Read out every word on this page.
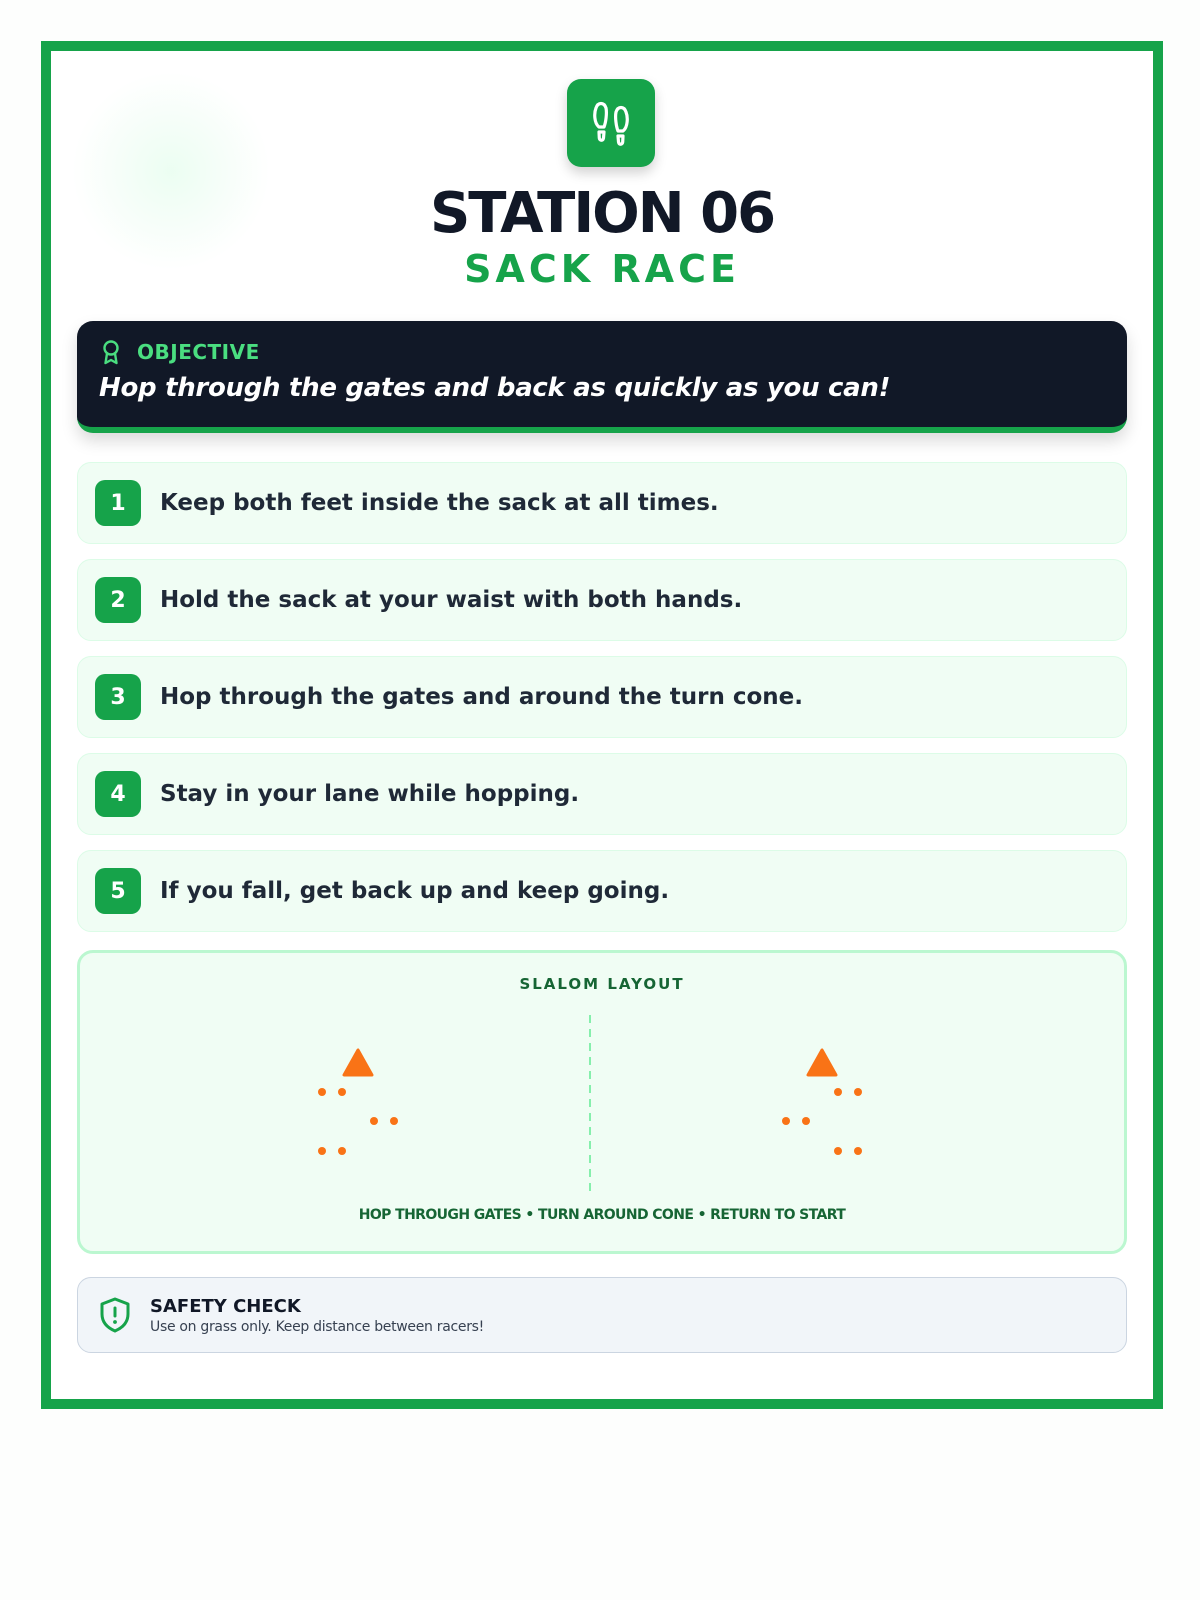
STATION 06
SACK RACE
OBJECTIVE
Hop through the gates and back as quickly as you can!
1	Keep both feet inside the sack at all times.
2	Hold the sack at your waist with both hands.
3	Hop through the gates and around the turn cone.
4	Stay in your lane while hopping.
5	If you fall, get back up and keep going.
SLALOM LAYOUT
HOP THROUGH GATES • TURN AROUND CONE • RETURN TO START
SAFETY CHECK
Use on grass only. Keep distance between racers!
